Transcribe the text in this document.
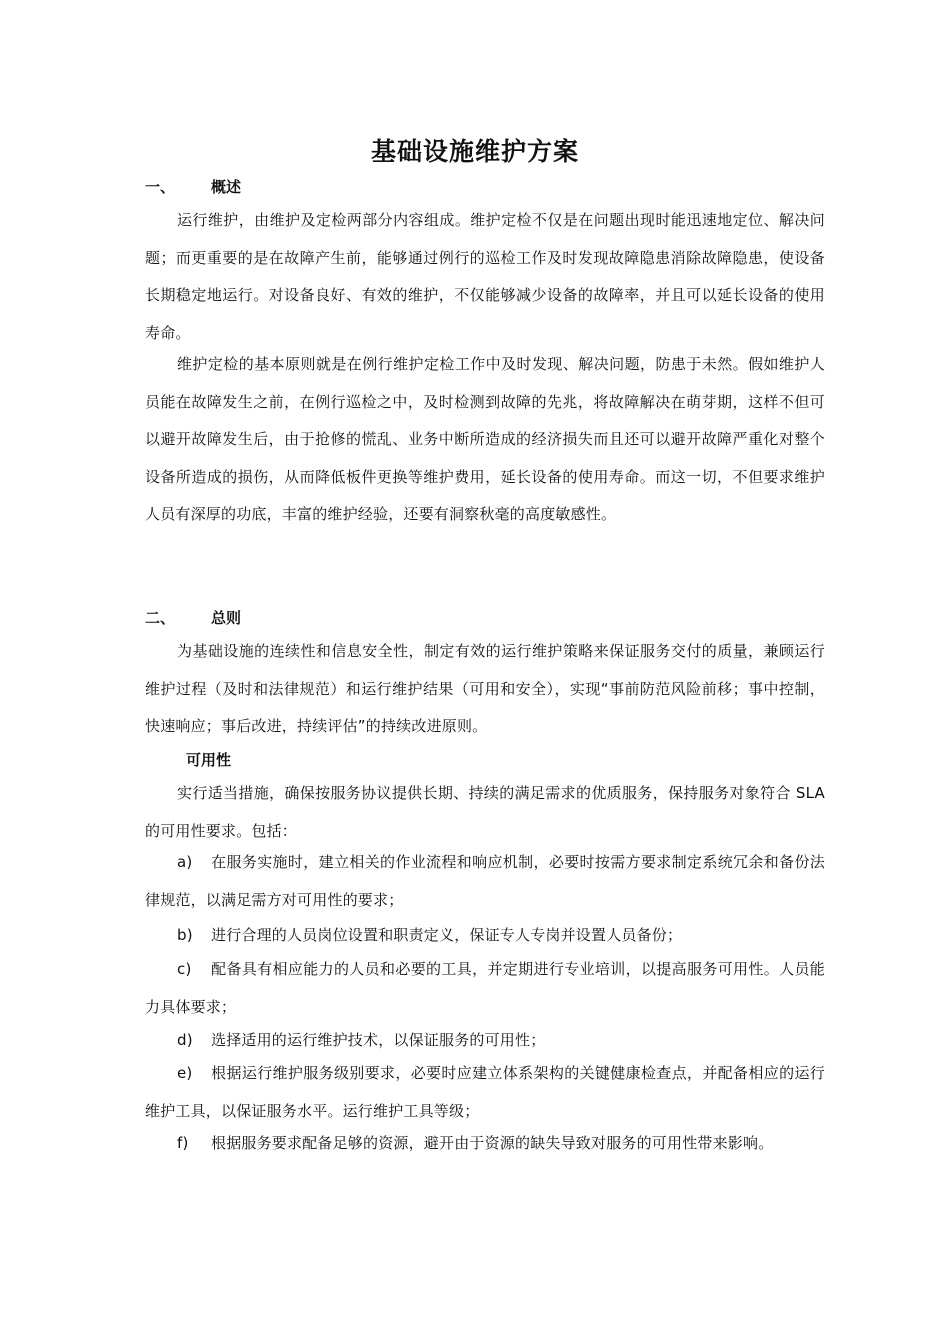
基础设施维护方案
一、 概述
运行维护，由维护及定检两部分内容组成。维护定检不仅是在问题出现时能迅速地定位、解决问题；而更重要的是在故障产生前，能够通过例行的巡检工作及时发现故障隐患消除故障隐患，使设备长期稳定地运行。对设备良好、有效的维护，不仅能够减少设备的故障率，并且可以延长设备的使用寿命。
维护定检的基本原则就是在例行维护定检工作中及时发现、解决问题，防患于未然。假如维护人员能在故障发生之前，在例行巡检之中，及时检测到故障的先兆，将故障解决在萌芽期，这样不但可以避开故障发生后，由于抢修的慌乱、业务中断所造成的经济损失而且还可以避开故障严重化对整个设备所造成的损伤，从而降低板件更换等维护费用，延长设备的使用寿命。而这一切，不但要求维护人员有深厚的功底，丰富的维护经验，还要有洞察秋毫的高度敏感性。
二、 总则
为基础设施的连续性和信息安全性，制定有效的运行维护策略来保证服务交付的质量，兼顾运行维护过程（及时和法律规范）和运行维护结果（可用和安全），实现“事前防范风险前移；事中控制，快速响应；事后改进，持续评估”的持续改进原则。
可用性
实行适当措施，确保按服务协议提供长期、持续的满足需求的优质服务，保持服务对象符合 SLA 的可用性要求。包括：
a) 在服务实施时，建立相关的作业流程和响应机制，必要时按需方要求制定系统冗余和备份法律规范，以满足需方对可用性的要求；
b) 进行合理的人员岗位设置和职责定义，保证专人专岗并设置人员备份；
c) 配备具有相应能力的人员和必要的工具，并定期进行专业培训，以提高服务可用性。人员能力具体要求；
d) 选择适用的运行维护技术，以保证服务的可用性；
e) 根据运行维护服务级别要求，必要时应建立体系架构的关键健康检查点，并配备相应的运行维护工具，以保证服务水平。运行维护工具等级；
f) 根据服务要求配备足够的资源，避开由于资源的缺失导致对服务的可用性带来影响。
